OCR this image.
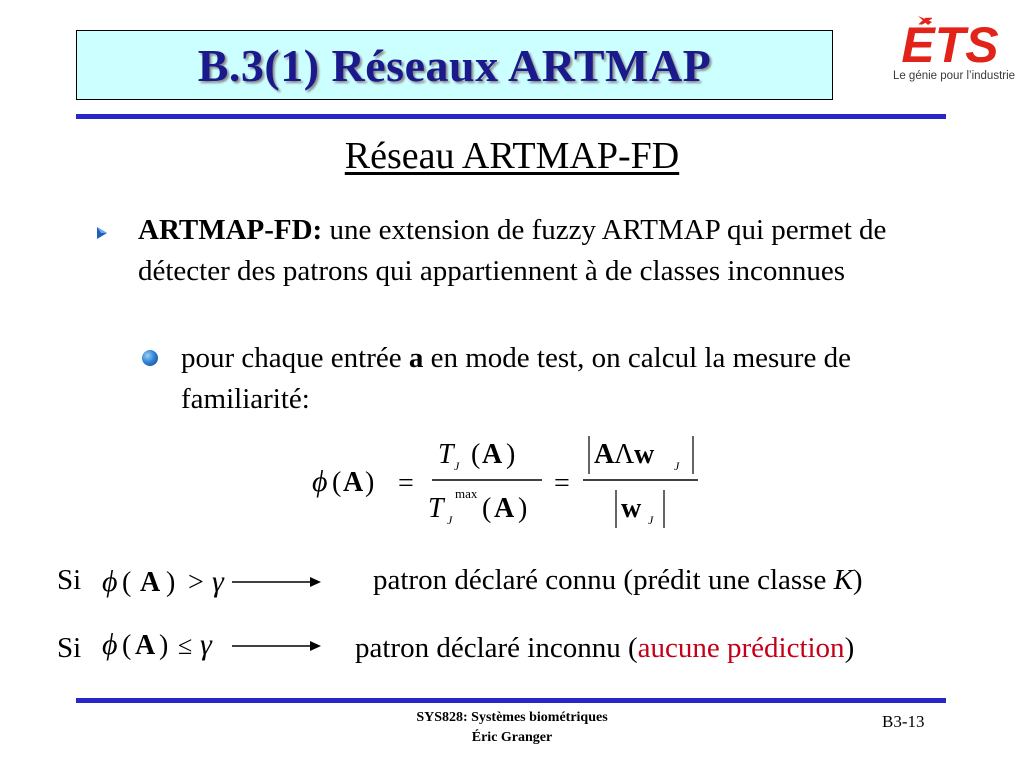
B.3(1) Réseaux ARTMAP	ÉTS
Le génie pour l’industrie
Réseau ARTMAP-FD
ARTMAP-FD: une extension de fuzzy ARTMAP qui permet de détecter des patrons qui appartiennent à de classes inconnues
pour chaque entrée a en mode test, on calcul la mesure de familiarité:
ϕ ( A ) =
T J ( A )
T max
J ( A )
=
A Λ w J
w J
Si ϕ ( A ) > γ	patron déclaré connu (prédit une classe K)
Si ϕ ( A ) ≤ γ	patron déclaré inconnu (aucune prédiction)
SYS828: Systèmes biométriques
Éric Granger
B3-13
